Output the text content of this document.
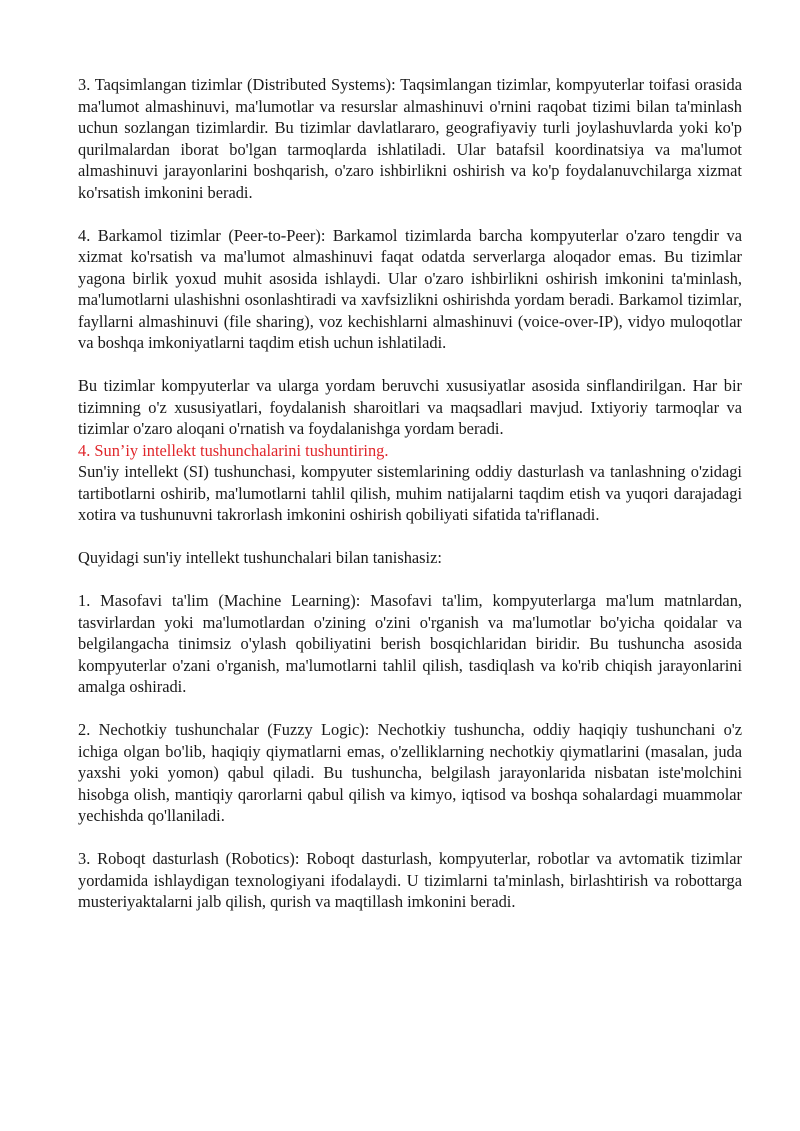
3. Taqsimlangan tizimlar (Distributed Systems): Taqsimlangan tizimlar, kompyuterlar toifasi orasida ma'lumot almashinuvi, ma'lumotlar va resurslar almashinuvi o'rnini raqobat tizimi bilan ta'minlash uchun sozlangan tizimlardir. Bu tizimlar davlatlararo, geografiyaviy turli joylashuvlarda yoki ko'p qurilmalardan iborat bo'lgan tarmoqlarda ishlatiladi. Ular batafsil koordinatsiya va ma'lumot almashinuvi jarayonlarini boshqarish, o'zaro ishbirlikni oshirish va ko'p foydalanuvchilarga xizmat ko'rsatish imkonini beradi.

4. Barkamol tizimlar (Peer-to-Peer): Barkamol tizimlarda barcha kompyuterlar o'zaro tengdir va xizmat ko'rsatish va ma'lumot almashinuvi faqat odatda serverlarga aloqador emas. Bu tizimlar yagona birlik yoxud muhit asosida ishlaydi. Ular o'zaro ishbirlikni oshirish imkonini ta'minlash, ma'lumotlarni ulashishni osonlashtiradi va xavfsizlikni oshirishda yordam beradi. Barkamol tizimlar, fayllarni almashinuvi (file sharing), voz kechishlarni almashinuvi (voice-over-IP), vidyo muloqotlar va boshqa imkoniyatlarni taqdim etish uchun ishlatiladi.

Bu tizimlar kompyuterlar va ularga yordam beruvchi xususiyatlar asosida sinflandirilgan. Har bir tizimning o'z xususiyatlari, foydalanish sharoitlari va maqsadlari mavjud. Ixtiyoriy tarmoqlar va tizimlar o'zaro aloqani o'rnatish va foydalanishga yordam beradi.

4. Sun’iy intellekt tushunchalarini tushuntiring.

Sun'iy intellekt (SI) tushunchasi, kompyuter sistemlarining oddiy dasturlash va tanlashning o'zidagi tartibotlarni oshirib, ma'lumotlarni tahlil qilish, muhim natijalarni taqdim etish va yuqori darajadagi xotira va tushunuvni takrorlash imkonini oshirish qobiliyati sifatida ta'riflanadi.

Quyidagi sun'iy intellekt tushunchalari bilan tanishasiz:

1. Masofavi ta'lim (Machine Learning): Masofavi ta'lim, kompyuterlarga ma'lum matnlardan, tasvirlardan yoki ma'lumotlardan o'zining o'zini o'rganish va ma'lumotlar bo'yicha qoidalar va belgilangacha tinimsiz o'ylash qobiliyatini berish bosqichlaridan biridir. Bu tushuncha asosida kompyuterlar o'zani o'rganish, ma'lumotlarni tahlil qilish, tasdiqlash va ko'rib chiqish jarayonlarini amalga oshiradi.

2. Nechotkiy tushunchalar (Fuzzy Logic): Nechotkiy tushuncha, oddiy haqiqiy tushunchani o'z ichiga olgan bo'lib, haqiqiy qiymatlarni emas, o'zelliklarning nechotkiy qiymatlarini (masalan, juda yaxshi yoki yomon) qabul qiladi. Bu tushuncha, belgilash jarayonlarida nisbatan iste'molchini hisobga olish, mantiqiy qarorlarni qabul qilish va kimyo, iqtisod va boshqa sohalardagi muammolar yechishda qo'llaniladi.

3. Roboqt dasturlash (Robotics): Roboqt dasturlash, kompyuterlar, robotlar va avtomatik tizimlar yordamida ishlaydigan texnologiyani ifodalaydi. U tizimlarni ta'minlash, birlashtirish va robottarga musteriyaktalarni jalb qilish, qurish va maqtillash imkonini beradi.
